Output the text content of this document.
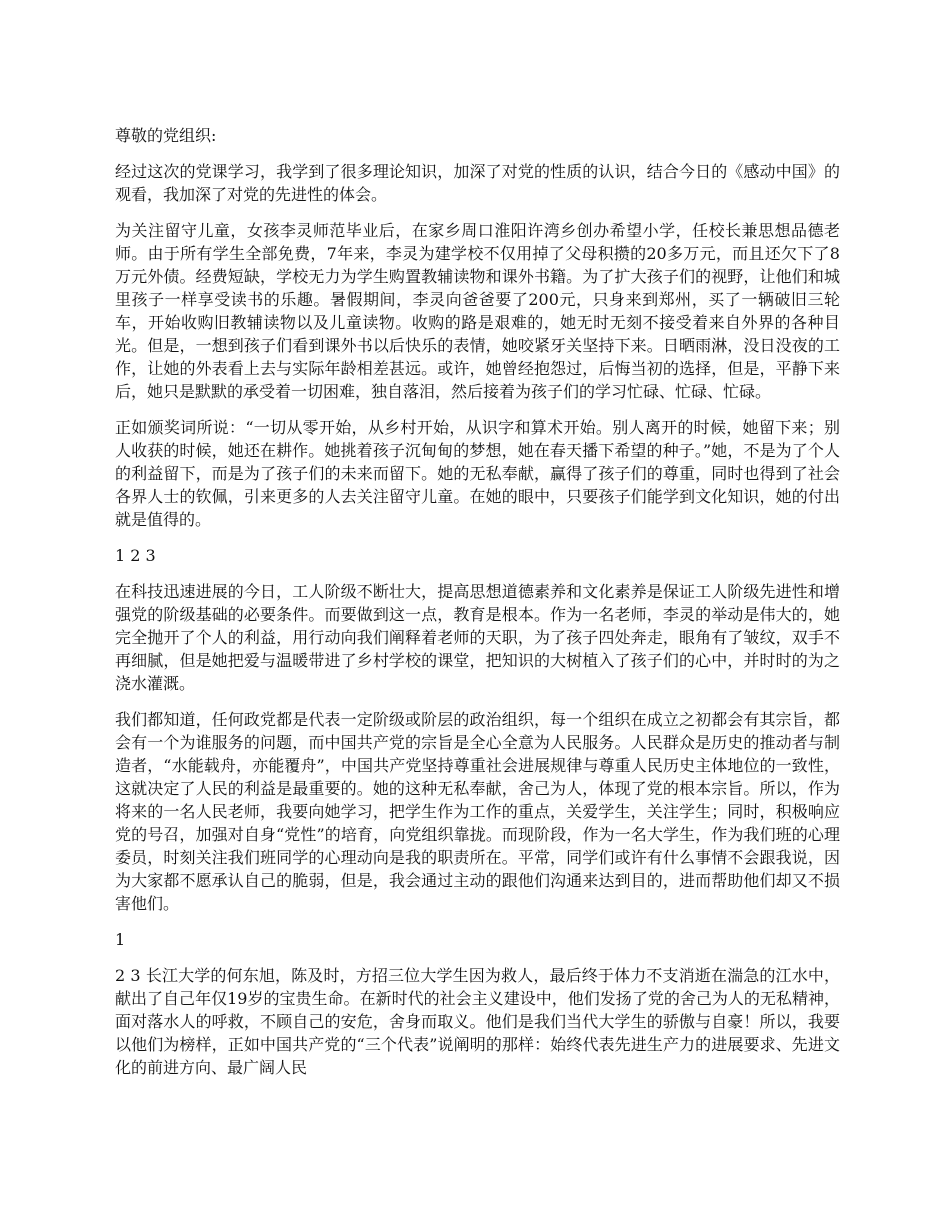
尊敬的党组织:

经过这次的党课学习，我学到了很多理论知识，加深了对党的性质的认识，结合今日的《感动中国》的观看，我加深了对党的先进性的体会。

为关注留守儿童，女孩李灵师范毕业后，在家乡周口淮阳许湾乡创办希望小学，任校长兼思想品德老师。由于所有学生全部免费，7年来，李灵为建学校不仅用掉了父母积攒的20多万元，而且还欠下了8万元外债。经费短缺，学校无力为学生购置教辅读物和课外书籍。为了扩大孩子们的视野，让他们和城里孩子一样享受读书的乐趣。暑假期间，李灵向爸爸要了200元，只身来到郑州，买了一辆破旧三轮车，开始收购旧教辅读物以及儿童读物。收购的路是艰难的，她无时无刻不接受着来自外界的各种目光。但是，一想到孩子们看到课外书以后快乐的表情，她咬紧牙关坚持下来。日晒雨淋，没日没夜的工作，让她的外表看上去与实际年龄相差甚远。或许，她曾经抱怨过，后悔当初的选择，但是，平静下来后，她只是默默的承受着一切困难，独自落泪，然后接着为孩子们的学习忙碌、忙碌、忙碌。

正如颁奖词所说：“一切从零开始，从乡村开始，从识字和算术开始。别人离开的时候，她留下来；别人收获的时候，她还在耕作。她挑着孩子沉甸甸的梦想，她在春天播下希望的种子。”她，不是为了个人的利益留下，而是为了孩子们的未来而留下。她的无私奉献，赢得了孩子们的尊重，同时也得到了社会各界人士的钦佩，引来更多的人去关注留守儿童。在她的眼中，只要孩子们能学到文化知识，她的付出就是值得的。

1 2 3

在科技迅速进展的今日，工人阶级不断壮大，提高思想道德素养和文化素养是保证工人阶级先进性和增强党的阶级基础的必要条件。而要做到这一点，教育是根本。作为一名老师，李灵的举动是伟大的，她完全抛开了个人的利益，用行动向我们阐释着老师的天职，为了孩子四处奔走，眼角有了皱纹，双手不再细腻，但是她把爱与温暖带进了乡村学校的课堂，把知识的大树植入了孩子们的心中，并时时的为之浇水灌溉。

我们都知道，任何政党都是代表一定阶级或阶层的政治组织，每一个组织在成立之初都会有其宗旨，都会有一个为谁服务的问题，而中国共产党的宗旨是全心全意为人民服务。人民群众是历史的推动者与制造者，“水能载舟，亦能覆舟”，中国共产党坚持尊重社会进展规律与尊重人民历史主体地位的一致性，这就决定了人民的利益是最重要的。她的这种无私奉献，舍己为人，体现了党的根本宗旨。所以，作为将来的一名人民老师，我要向她学习，把学生作为工作的重点，关爱学生，关注学生；同时，积极响应党的号召，加强对自身“党性”的培育，向党组织靠拢。而现阶段，作为一名大学生，作为我们班的心理委员，时刻关注我们班同学的心理动向是我的职责所在。平常，同学们或许有什么事情不会跟我说，因为大家都不愿承认自己的脆弱，但是，我会通过主动的跟他们沟通来达到目的，进而帮助他们却又不损害他们。

1

2 3 长江大学的何东旭，陈及时，方招三位大学生因为救人，最后终于体力不支消逝在湍急的江水中，献出了自己年仅19岁的宝贵生命。在新时代的社会主义建设中，他们发扬了党的舍己为人的无私精神，面对落水人的呼救，不顾自己的安危，舍身而取义。他们是我们当代大学生的骄傲与自豪！所以，我要以他们为榜样，正如中国共产党的“三个代表”说阐明的那样：始终代表先进生产力的进展要求、先进文化的前进方向、最广阔人民
